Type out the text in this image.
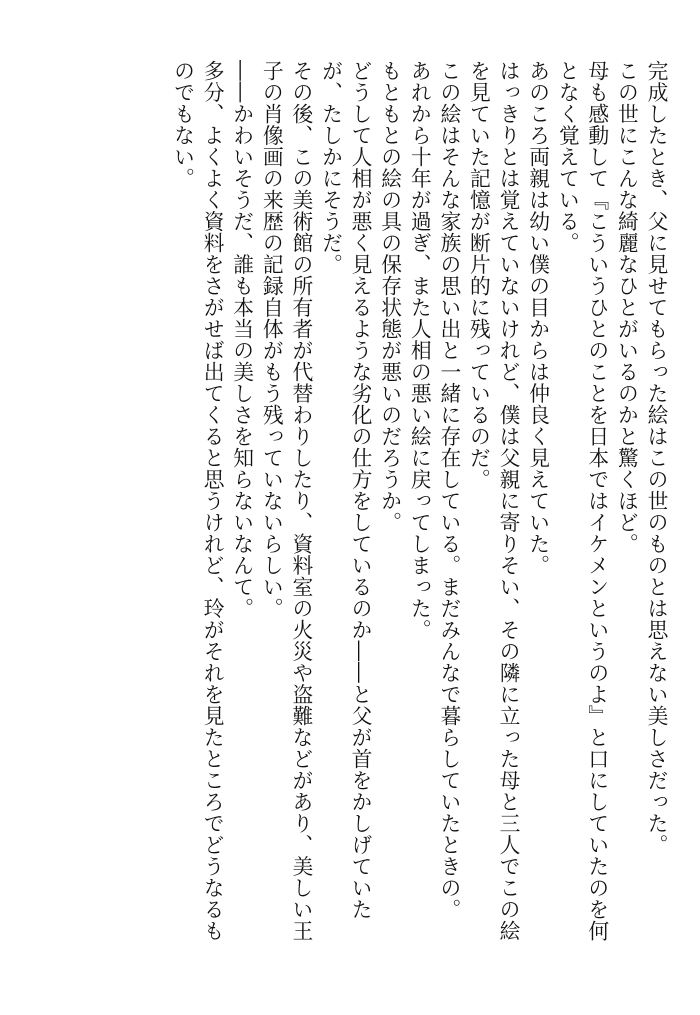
完成したとき、父に見せてもらった絵はこの世のものとは思えない美しさだった。
この世にこんな綺麗なひとがいるのかと驚くほど。
母も感動して『こういうひとのことを日本ではイケメンというのよ』と口にしていたのを何
となく覚えている。
あのころ両親は幼い僕の目からは仲良く見えていた。
はっきりとは覚えていないけれど、僕は父親に寄りそい、その隣に立った母と三人でこの絵
を見ていた記憶が断片的に残っているのだ。
この絵はそんな家族の思い出と一緒に存在している。まだみんなで暮らしていたときの。
あれから十年が過ぎ、また人相の悪い絵に戻ってしまった。
もともとの絵の具の保存状態が悪いのだろうか。
どうして人相が悪く見えるような劣化の仕方をしているのか――と父が首をかしげていた
が、たしかにそうだ。
その後、この美術館の所有者が代替わりしたり、資料室の火災や盗難などがあり、美しい王
子の肖像画の来歴の記録自体がもう残っていないらしい。
――かわいそうだ、誰も本当の美しさを知らないなんて。
多分、よくよく資料をさがせば出てくると思うけれど、玲がそれを見たところでどうなるも
のでもない。
